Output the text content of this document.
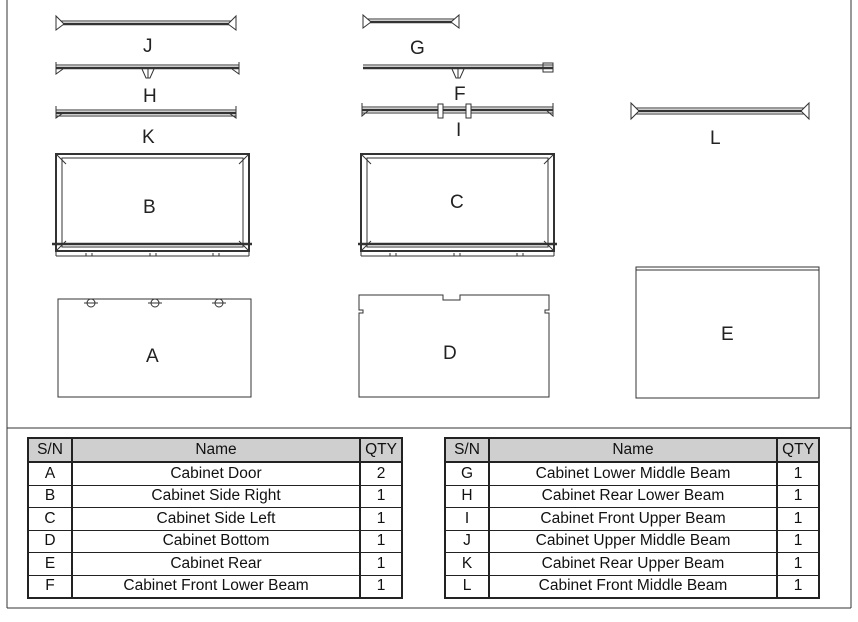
J	G
H	F
K	I	L
B	C
A	D
E
S/N	Name	QTY
A	Cabinet Door	2
B	Cabinet Side Right	1
C	Cabinet Side Left	1
D	Cabinet Bottom	1
E	Cabinet Rear	1
F	Cabinet Front Lower Beam	1
S/N	Name	QTY
G	Cabinet Lower Middle Beam	1
H	Cabinet Rear Lower Beam	1
I	Cabinet Front Upper Beam	1
J	Cabinet Upper Middle Beam	1
K	Cabinet Rear Upper Beam	1
L	Cabinet Front Middle Beam	1
